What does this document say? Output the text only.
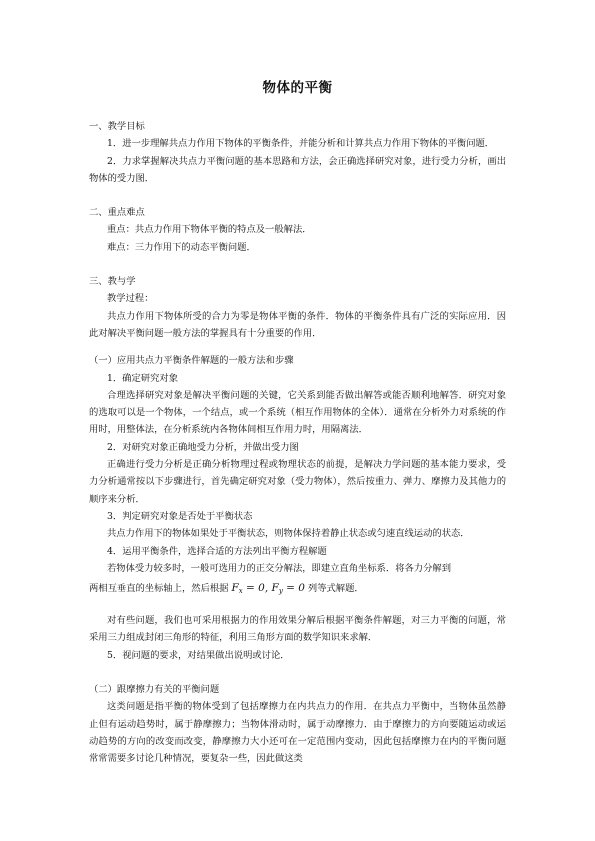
物体的平衡

一、教学目标

1．进一步理解共点力作用下物体的平衡条件，并能分析和计算共点力作用下物体的平衡问题．

2．力求掌握解决共点力平衡问题的基本思路和方法，会正确选择研究对象，进行受力分析，画出物体的受力图．

二、重点难点

重点：共点力作用下物体平衡的特点及一般解法．

难点：三力作用下的动态平衡问题．

三、教与学

教学过程：

共点力作用下物体所受的合力为零是物体平衡的条件．物体的平衡条件具有广泛的实际应用．因此对解决平衡问题一般方法的掌握具有十分重要的作用．

（一）应用共点力平衡条件解题的一般方法和步骤

1．确定研究对象

合理选择研究对象是解决平衡问题的关键，它关系到能否做出解答或能否顺利地解答．研究对象的选取可以是一个物体，一个结点，或一个系统（相互作用物体的全体）．通常在分析外力对系统的作用时，用整体法，在分析系统内各物体间相互作用力时，用隔离法．

2．对研究对象正确地受力分析，并做出受力图

正确进行受力分析是正确分析物理过程或物理状态的前提，是解决力学问题的基本能力要求，受力分析通常按以下步骤进行，首先确定研究对象（受力物体），然后按重力、弹力、摩擦力及其他力的顺序来分析．

3．判定研究对象是否处于平衡状态

共点力作用下的物体如果处于平衡状态，则物体保持着静止状态或匀速直线运动的状态．

4．运用平衡条件，选择合适的方法列出平衡方程解题

若物体受力较多时，一般可选用力的正交分解法，即建立直角坐标系．将各力分解到

两相互垂直的坐标轴上，然后根据 $F_x = 0$, $F_y = 0$ 列等式解题．

对有些问题，我们也可采用根据力的作用效果分解后根据平衡条件解题，对三力平衡的问题，常采用三力组成封闭三角形的特征，利用三角形方面的数学知识来求解．

5．视问题的要求，对结果做出说明或讨论．

（二）跟摩擦力有关的平衡问题

这类问题是指平衡的物体受到了包括摩擦力在内共点力的作用．在共点力平衡中，当物体虽然静止但有运动趋势时，属于静摩擦力；当物体滑动时，属于动摩擦力．由于摩擦力的方向要随运动或运动趋势的方向的改变而改变，静摩擦力大小还可在一定范围内变动，因此包括摩擦力在内的平衡问题常常需要多讨论几种情况，要复杂一些，因此做这类
